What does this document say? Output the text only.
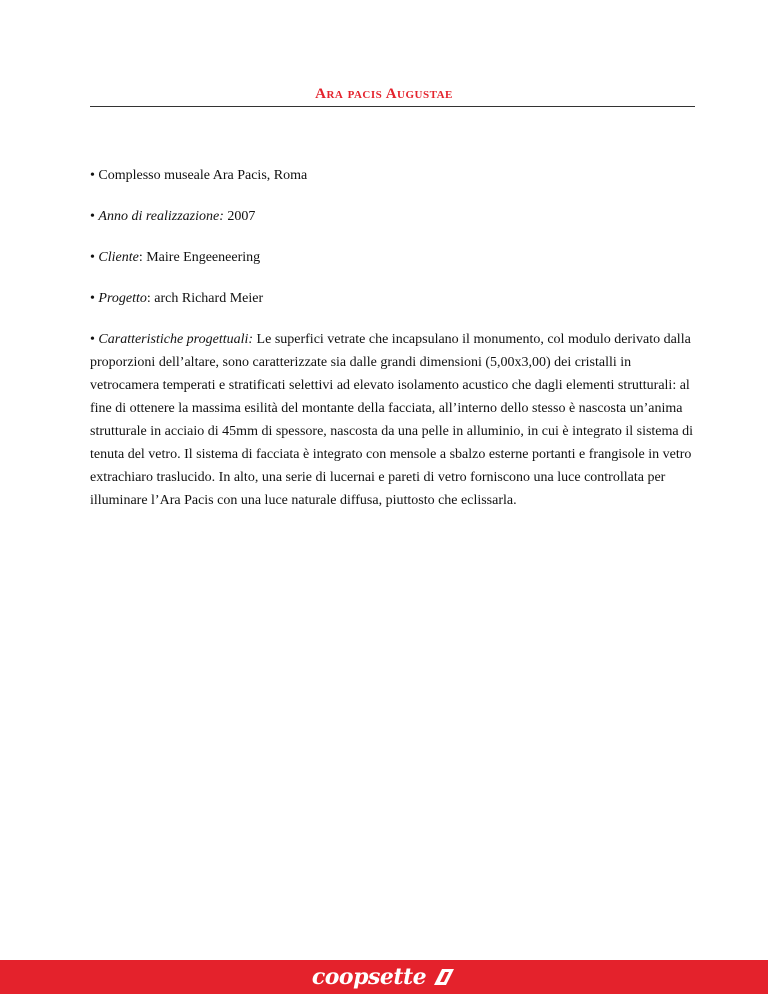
Ara pacis Augustae
• Complesso museale Ara Pacis, Roma
• Anno di realizzazione: 2007
• Cliente: Maire Engeeneering
• Progetto: arch Richard Meier
• Caratteristiche progettuali: Le superfici vetrate che incapsulano il monumento, col modulo derivato dalla proporzioni dell’altare, sono caratterizzate sia dalle grandi dimensioni (5,00x3,00) dei cristalli in vetrocamera temperati e stratificati selettivi ad elevato isolamento acustico che dagli elementi strutturali: al fine di ottenere la massima esilità del montante della facciata, all’interno dello stesso è nascosta un’anima strutturale in acciaio di 45mm di spessore, nascosta da una pelle in alluminio, in cui è integrato il sistema di tenuta del vetro. Il sistema di facciata è integrato con mensole a sbalzo esterne portanti e frangisole in vetro extrachiaro traslucido. In alto, una serie di lucernai e pareti di vetro forniscono una luce controllata per illuminare l’Ara Pacis con una luce naturale diffusa, piuttosto che eclissarla.
coopsette
